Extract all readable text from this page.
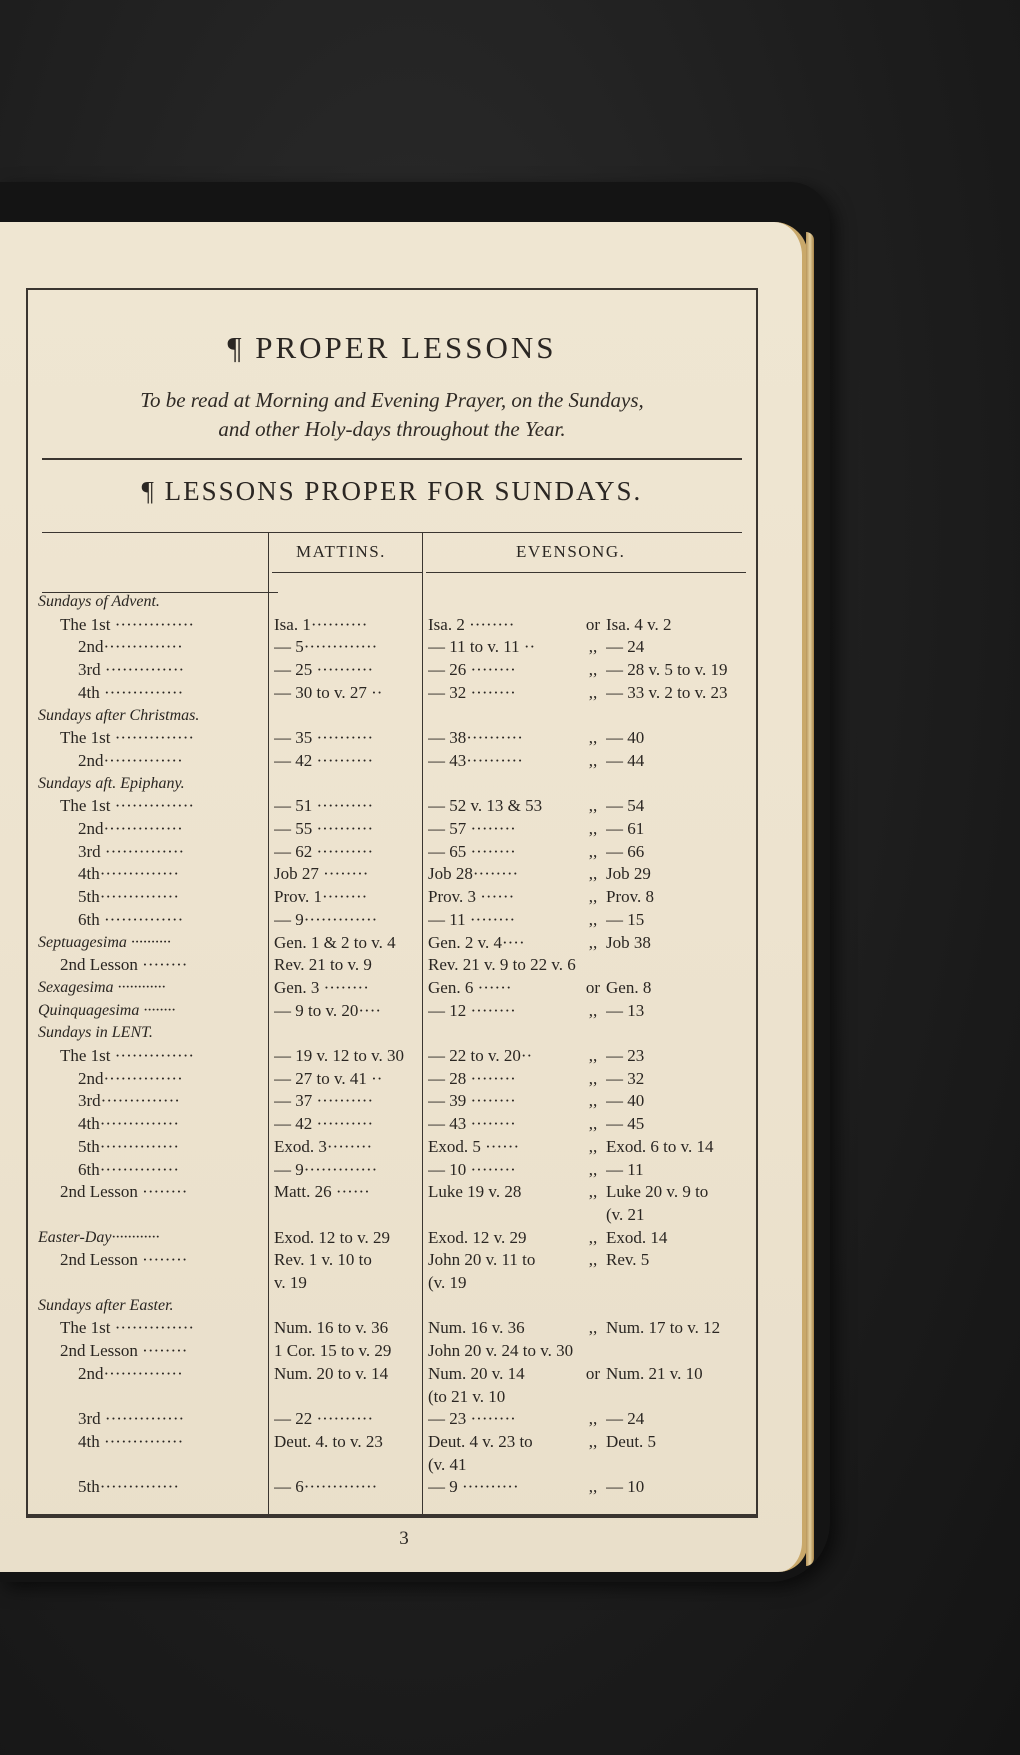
¶ PROPER LESSONS
To be read at Morning and Evening Prayer, on the Sundays,
and other Holy-days throughout the Year.
¶ LESSONS PROPER FOR SUNDAYS.
MATTINS.	EVENSONG.
Sundays of Advent.
The 1st ··············	Isa. 1··········	Isa. 2 ········	or Isa. 4 v. 2
2nd··············	— 5·············	— 11 to v. 11 ··	,, — 24
3rd ··············	— 25 ··········	— 26 ········	,, — 28 v. 5 to v. 19
4th ··············	— 30 to v. 27 ··	— 32 ········	,, — 33 v. 2 to v. 23
Sundays after Christmas.
The 1st ··············	— 35 ··········	— 38··········	,, — 40
2nd··············	— 42 ··········	— 43··········	,, — 44
Sundays aft. Epiphany.
The 1st ··············	— 51 ··········	— 52 v. 13 & 53	,, — 54
2nd··············	— 55 ··········	— 57 ········	,, — 61
3rd ··············	— 62 ··········	— 65 ········	,, — 66
4th··············	Job 27 ········	Job 28········	,, Job 29
5th··············	Prov. 1········	Prov. 3 ······	,, Prov. 8
6th ··············	— 9·············	— 11 ········	,, — 15
Septuagesima ··········	Gen. 1 & 2 to v. 4	Gen. 2 v. 4····	,, Job 38
2nd Lesson ········	Rev. 21 to v. 9	Rev. 21 v. 9 to 22 v. 6
Sexagesima ············	Gen. 3 ········	Gen. 6 ······	or Gen. 8
Quinquagesima ········	— 9 to v. 20····	— 12 ········	,, — 13
Sundays in LENT.
The 1st ··············	— 19 v. 12 to v. 30	— 22 to v. 20··	,, — 23
2nd··············	— 27 to v. 41 ··	— 28 ········	,, — 32
3rd··············	— 37 ··········	— 39 ········	,, — 40
4th··············	— 42 ··········	— 43 ········	,, — 45
5th··············	Exod. 3········	Exod. 5 ······	,, Exod. 6 to v. 14
6th··············	— 9·············	— 10 ········	,, — 11
2nd Lesson ········	Matt. 26 ······	Luke 19 v. 28	,, Luke 20 v. 9 to
(v. 21
Easter-Day············	Exod. 12 to v. 29	Exod. 12 v. 29	,, Exod. 14
2nd Lesson ········	Rev. 1 v. 10 to	John 20 v. 11 to	,, Rev. 5
v. 19	(v. 19
Sundays after Easter.
The 1st ··············	Num. 16 to v. 36	Num. 16 v. 36	,, Num. 17 to v. 12
2nd Lesson ········	1 Cor. 15 to v. 29	John 20 v. 24 to v. 30
2nd··············	Num. 20 to v. 14	Num. 20 v. 14	or Num. 21 v. 10
(to 21 v. 10
3rd ··············	— 22 ··········	— 23 ········	,, — 24
4th ··············	Deut. 4. to v. 23	Deut. 4 v. 23 to	,, Deut. 5
(v. 41
5th··············	— 6·············	— 9 ··········	,, — 10
3
